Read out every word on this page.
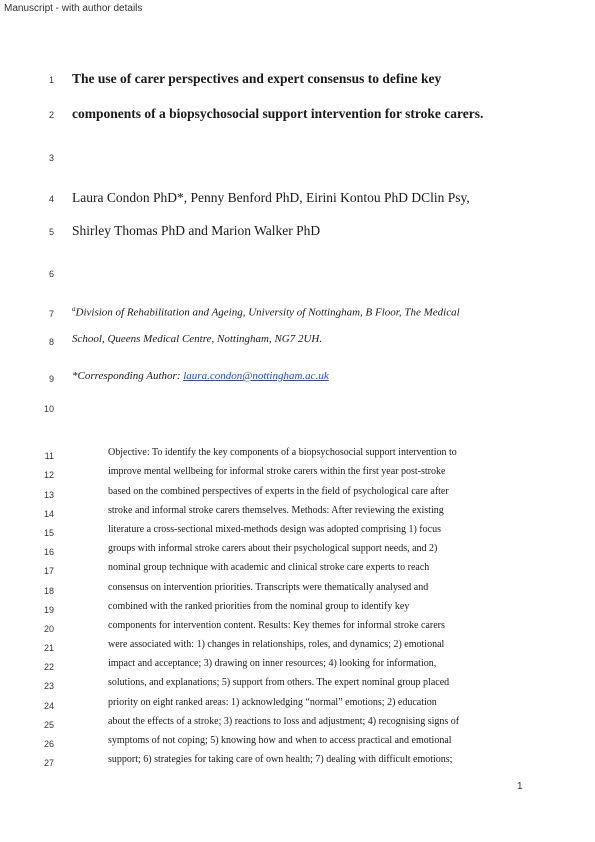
Manuscript - with author details
1 The use of carer perspectives and expert consensus to define key
2 components of a biopsychosocial support intervention for stroke carers.
3
4 Laura Condon PhD*, Penny Benford PhD, Eirini Kontou PhD DClin Psy,
5 Shirley Thomas PhD and Marion Walker PhD
6
7	$^a$Division of Rehabilitation and Ageing, University of Nottingham, B Floor, The Medical
8 School, Queens Medical Centre, Nottingham, NG7 2UH.
9 *Corresponding Author: laura.condon@nottingham.ac.uk
10
11	Objective: To identify the key components of a biopsychosocial support intervention to
12	improve mental wellbeing for informal stroke carers within the first year post-stroke
13	based on the combined perspectives of experts in the field of psychological care after
14	stroke and informal stroke carers themselves. Methods: After reviewing the existing
15	literature a cross-sectional mixed-methods design was adopted comprising 1) focus
16	groups with informal stroke carers about their psychological support needs, and 2)
17	nominal group technique with academic and clinical stroke care experts to reach
18	consensus on intervention priorities. Transcripts were thematically analysed and
19	combined with the ranked priorities from the nominal group to identify key
20	components for intervention content. Results: Key themes for informal stroke carers
21	were associated with: 1) changes in relationships, roles, and dynamics; 2) emotional
22	impact and acceptance; 3) drawing on inner resources; 4) looking for information,
23	solutions, and explanations; 5) support from others. The expert nominal group placed
24	priority on eight ranked areas: 1) acknowledging “normal” emotions; 2) education
25	about the effects of a stroke; 3) reactions to loss and adjustment; 4) recognising signs of
26	symptoms of not coping; 5) knowing how and when to access practical and emotional
27	support; 6) strategies for taking care of own health; 7) dealing with difficult emotions;
1
